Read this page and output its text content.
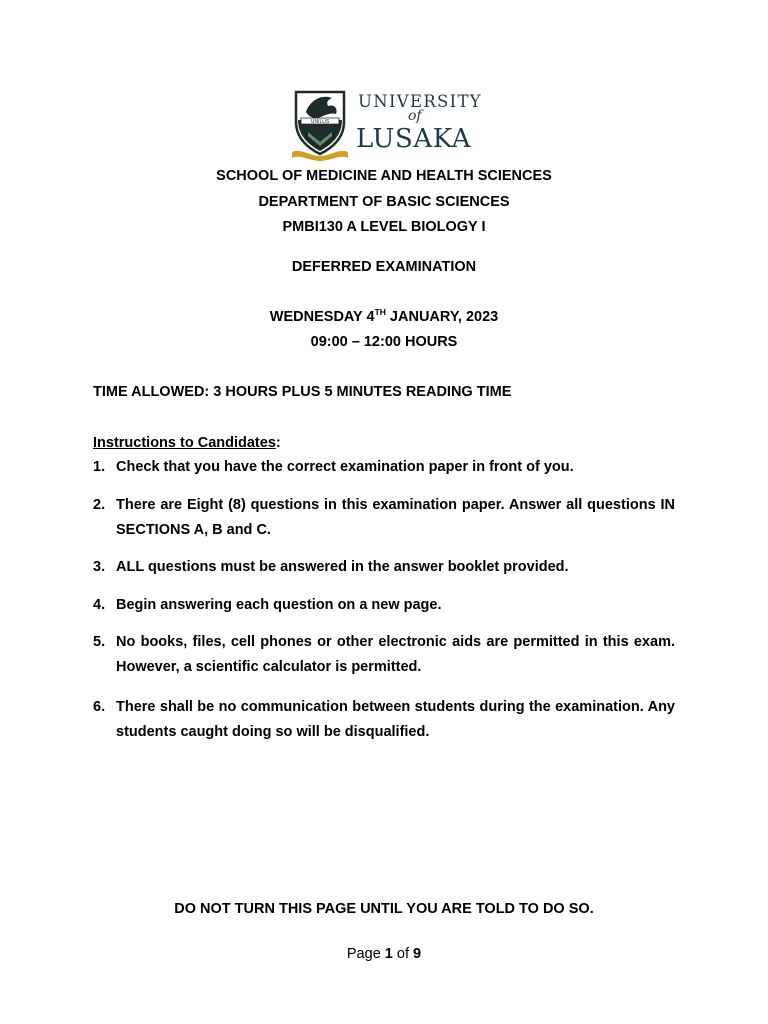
UNILUS
UNIVERSITY
of
LUSAKA
SCHOOL OF MEDICINE AND HEALTH SCIENCES
DEPARTMENT OF BASIC SCIENCES
PMBI130 A LEVEL BIOLOGY I
DEFERRED EXAMINATION
WEDNESDAY 4TH JANUARY, 2023
09:00 – 12:00 HOURS
TIME ALLOWED: 3 HOURS PLUS 5 MINUTES READING TIME
Instructions to Candidates:
1. Check that you have the correct examination paper in front of you.
2. There are Eight (8) questions in this examination paper. Answer all questions IN SECTIONS A, B and C.
3. ALL questions must be answered in the answer booklet provided.
4. Begin answering each question on a new page.
5. No books, files, cell phones or other electronic aids are permitted in this exam. However, a scientific calculator is permitted.
6. There shall be no communication between students during the examination. Any students caught doing so will be disqualified.
DO NOT TURN THIS PAGE UNTIL YOU ARE TOLD TO DO SO.
Page 1 of 9
